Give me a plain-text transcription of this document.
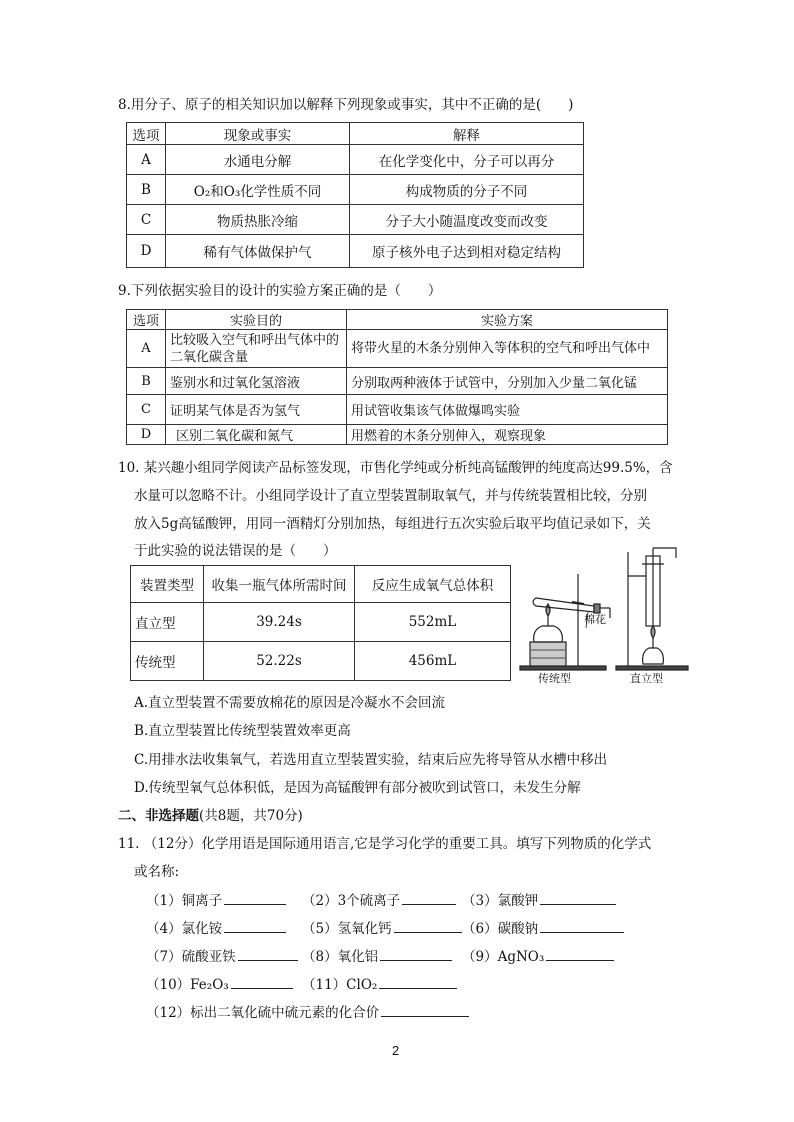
8.用分子、原子的相关知识加以解释下列现象或事实，其中不正确的是(　　)
选项	现象或事实	解释
A	水通电分解	在化学变化中，分子可以再分
B	O₂和O₃化学性质不同	构成物质的分子不同
C	物质热胀冷缩	分子大小随温度改变而改变
D	稀有气体做保护气	原子核外电子达到相对稳定结构
9.下列依据实验目的设计的实验方案正确的是（　　）
选项	实验目的	实验方案
A	比较吸入空气和呼出气体中的二氧化碳含量	将带火星的木条分别伸入等体积的空气和呼出气体中
B	鉴别水和过氧化氢溶液	分别取两种液体于试管中，分别加入少量二氧化锰
C	证明某气体是否为氢气	用试管收集该气体做爆鸣实验
D	区别二氧化碳和氮气	用燃着的木条分别伸入，观察现象
10. 某兴趣小组同学阅读产品标签发现，市售化学纯或分析纯高锰酸钾的纯度高达99.5%，含
水量可以忽略不计。小组同学设计了直立型装置制取氧气，并与传统装置相比较，分别
放入5g高锰酸钾，用同一酒精灯分别加热，每组进行五次实验后取平均值记录如下，关
于此实验的说法错误的是（　　）
装置类型	收集一瓶气体所需时间	反应生成氧气总体积
直立型	39.24s	552mL
传统型	52.22s	456mL
棉花
传统型	直立型
A.直立型装置不需要放棉花的原因是冷凝水不会回流
B.直立型装置比传统型装置效率更高
C.用排水法收集氧气，若选用直立型装置实验，结束后应先将导管从水槽中移出
D.传统型氧气总体积低，是因为高锰酸钾有部分被吹到试管口，未发生分解
二、非选择题(共8题，共70分)
11. （12分）化学用语是国际通用语言,它是学习化学的重要工具。填写下列物质的化学式
或名称:
（1）铜离子	（2）3个硫离子	（3）氯酸钾
（4）氯化铵	（5）氢氧化钙	（6）碳酸钠
（7）硫酸亚铁	（8）氧化铝	（9）AgNO₃
（10）Fe₂O₃	（11）ClO₂
（12）标出二氧化硫中硫元素的化合价
2
